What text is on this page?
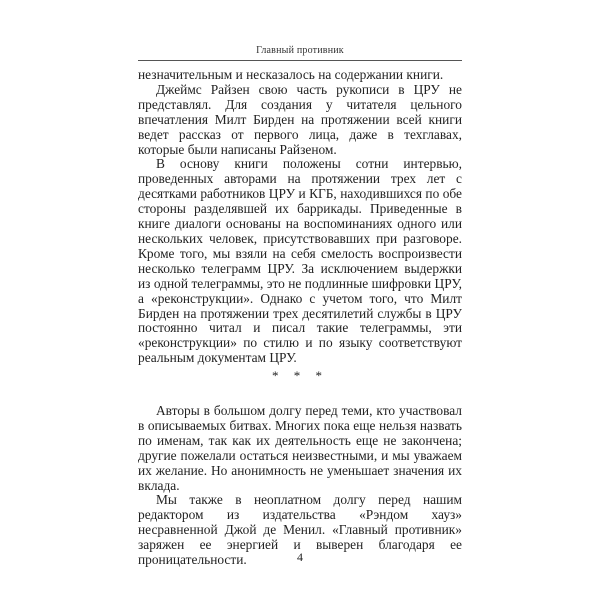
Главный противник

незначительным и несказалось на содержании книги.

Джеймс Райзен свою часть рукописи в ЦРУ не представлял. Для создания у читателя цельного впечатления Милт Бирден на протяжении всей книги ведет рассказ от первого лица, даже в техглавах, которые были написаны Райзеном.

В основу книги положены сотни интервью, проведенных авторами на протяжении трех лет с десятками работников ЦРУ и КГБ, находившихся по обе стороны разделявшей их баррикады. Приведенные в книге диалоги основаны на воспоминаниях одного или нескольких человек, присутствовавших при разговоре. Кроме того, мы взяли на себя смелость воспроизвести несколько телеграмм ЦРУ. За исключением выдержки из одной телеграммы, это не подлинные шифровки ЦРУ, а «реконструкции». Однако с учетом того, что Милт Бирден на протяжении трех десятилетий службы в ЦРУ постоянно читал и писал такие телеграммы, эти «реконструкции» по стилю и по языку соответствуют реальным документам ЦРУ.

* * *

Авторы в большом долгу перед теми, кто участвовал в описываемых битвах. Многих пока еще нельзя назвать по именам, так как их деятельность еще не закончена; другие пожелали остаться неизвестными, и мы уважаем их желание. Но анонимность не уменьшает значения их вклада.

Мы также в неоплатном долгу перед нашим редактором из издательства «Рэндом хауз» несравненной Джой де Менил. «Главный противник» заряжен ее энергией и выверен благодаря ее проницательности.	4
